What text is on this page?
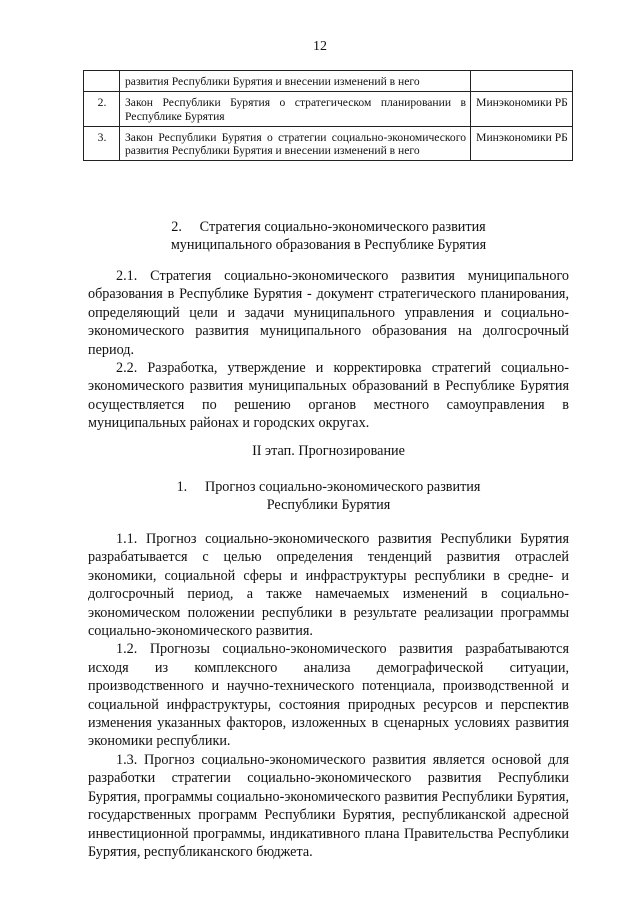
12
	развития Республики Бурятия и внесении изменений в него	
2.	Закон Республики Бурятия о стратегическом планировании в Республике Бурятия	Минэкономики РБ
3.	Закон Республики Бурятия о стратегии социально-экономического развития Республики Бурятия и внесении изменений в него	Минэкономики РБ
2.     Стратегия социально-экономического развития
муниципального образования в Республике Бурятия

2.1. Стратегия социально-экономического развития муниципального образования в Республике Бурятия - документ стратегического планирования, определяющий цели и задачи муниципального управления и социально-экономического развития муниципального образования на долгосрочный период.

2.2. Разработка, утверждение и корректировка стратегий социально-экономического развития муниципальных образований в Республике Бурятия осуществляется по решению органов местного самоуправления в муниципальных районах и городских округах.

II этап. Прогнозирование
1.     Прогноз социально-экономического развития
Республики Бурятия

1.1. Прогноз социально-экономического развития Республики Бурятия разрабатывается с целью определения тенденций развития отраслей экономики, социальной сферы и инфраструктуры республики в средне- и долгосрочный период, а также намечаемых изменений в социально-экономическом положении республики в результате реализации программы социально-экономического развития.

1.2. Прогнозы социально-экономического развития разрабатываются исходя из комплексного анализа демографической ситуации, производственного и научно-технического потенциала, производственной и социальной инфраструктуры, состояния природных ресурсов и перспектив изменения указанных факторов, изложенных в сценарных условиях развития экономики республики.

1.3. Прогноз социально-экономического развития является основой для разработки стратегии социально-экономического развития Республики Бурятия, программы социально-экономического развития Республики Бурятия, государственных программ Республики Бурятия, республиканской адресной инвестиционной программы, индикативного плана Правительства Республики Бурятия, республиканского бюджета.
